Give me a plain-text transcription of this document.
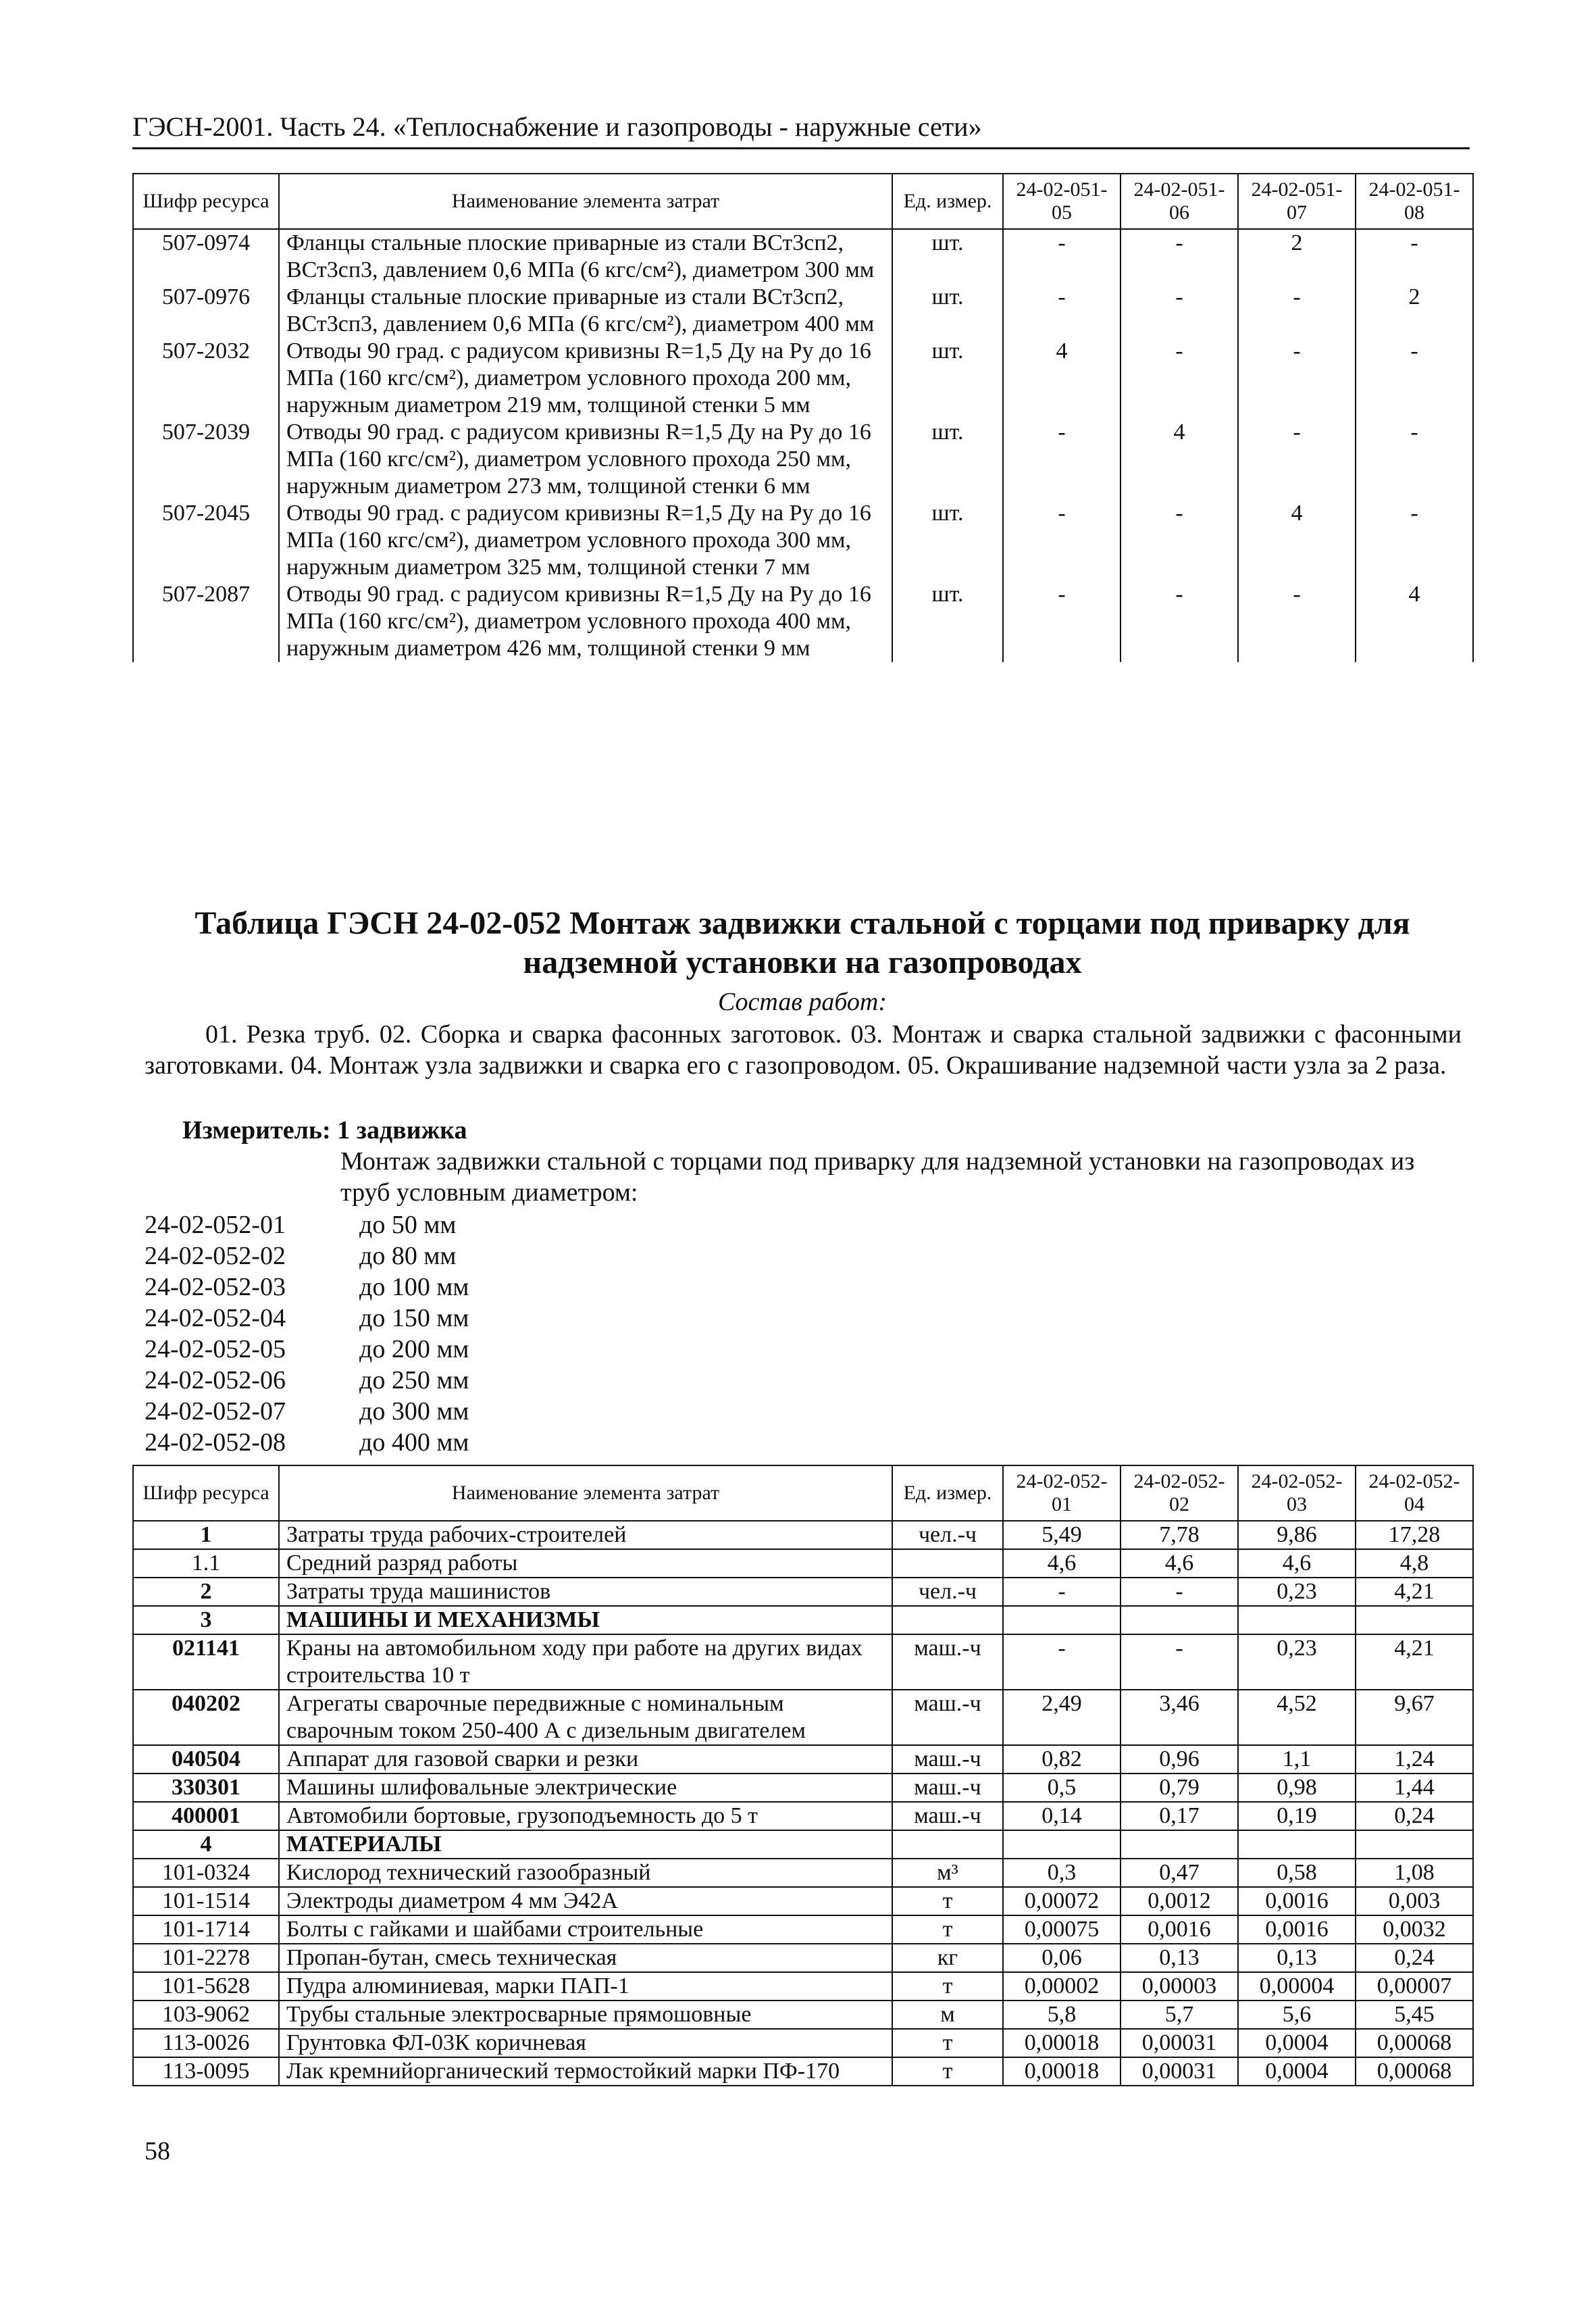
ГЭСН-2001. Часть 24. «Теплоснабжение и газопроводы - наружные сети»
Шифр ресурса	Наименование элемента затрат	Ед. измер.	24-02-051-05	24-02-051-06	24-02-051-07	24-02-051-08
507-0974	Фланцы стальные плоские приварные из стали ВСт3сп2, ВСт3сп3, давлением 0,6 МПа (6 кгс/см²), диаметром 300 мм	шт.	-	-	2	-
507-0976	Фланцы стальные плоские приварные из стали ВСт3сп2, ВСт3сп3, давлением 0,6 МПа (6 кгс/см²), диаметром 400 мм	шт.	-	-	-	2
507-2032	Отводы 90 град. с радиусом кривизны R=1,5 Ду на Ру до 16 МПа (160 кгс/см²), диаметром условного прохода 200 мм, наружным диаметром 219 мм, толщиной стенки 5 мм	шт.	4	-	-	-
507-2039	Отводы 90 град. с радиусом кривизны R=1,5 Ду на Ру до 16 МПа (160 кгс/см²), диаметром условного прохода 250 мм, наружным диаметром 273 мм, толщиной стенки 6 мм	шт.	-	4	-	-
507-2045	Отводы 90 град. с радиусом кривизны R=1,5 Ду на Ру до 16 МПа (160 кгс/см²), диаметром условного прохода 300 мм, наружным диаметром 325 мм, толщиной стенки 7 мм	шт.	-	-	4	-
507-2087	Отводы 90 град. с радиусом кривизны R=1,5 Ду на Ру до 16 МПа (160 кгс/см²), диаметром условного прохода 400 мм, наружным диаметром 426 мм, толщиной стенки 9 мм	шт.	-	-	-	4
Таблица ГЭСН 24-02-052 Монтаж задвижки стальной с торцами под приварку для надземной установки на газопроводах
Состав работ:
01. Резка труб. 02. Сборка и сварка фасонных заготовок. 03. Монтаж и сварка стальной задвижки с фасонными заготовками. 04. Монтаж узла задвижки и сварка его с газопроводом. 05. Окрашивание надземной части узла за 2 раза.
Измеритель: 1 задвижка
Монтаж задвижки стальной с торцами под приварку для надземной установки на газопроводах из труб условным диаметром:
24-02-052-01	до 50 мм
24-02-052-02	до 80 мм
24-02-052-03	до 100 мм
24-02-052-04	до 150 мм
24-02-052-05	до 200 мм
24-02-052-06	до 250 мм
24-02-052-07	до 300 мм
24-02-052-08	до 400 мм
Шифр ресурса	Наименование элемента затрат	Ед. измер.	24-02-052-01	24-02-052-02	24-02-052-03	24-02-052-04
1	Затраты труда рабочих-строителей	чел.-ч	5,49	7,78	9,86	17,28
1.1	Средний разряд работы		4,6	4,6	4,6	4,8
2	Затраты труда машинистов	чел.-ч	-	-	0,23	4,21
3	МАШИНЫ И МЕХАНИЗМЫ					
021141	Краны на автомобильном ходу при работе на других видах строительства 10 т	маш.-ч	-	-	0,23	4,21
040202	Агрегаты сварочные передвижные с номинальным сварочным током 250-400 А с дизельным двигателем	маш.-ч	2,49	3,46	4,52	9,67
040504	Аппарат для газовой сварки и резки	маш.-ч	0,82	0,96	1,1	1,24
330301	Машины шлифовальные электрические	маш.-ч	0,5	0,79	0,98	1,44
400001	Автомобили бортовые, грузоподъемность до 5 т	маш.-ч	0,14	0,17	0,19	0,24
4	МАТЕРИАЛЫ					
101-0324	Кислород технический газообразный	м³	0,3	0,47	0,58	1,08
101-1514	Электроды диаметром 4 мм Э42А	т	0,00072	0,0012	0,0016	0,003
101-1714	Болты с гайками и шайбами строительные	т	0,00075	0,0016	0,0016	0,0032
101-2278	Пропан-бутан, смесь техническая	кг	0,06	0,13	0,13	0,24
101-5628	Пудра алюминиевая, марки ПАП-1	т	0,00002	0,00003	0,00004	0,00007
103-9062	Трубы стальные электросварные прямошовные	м	5,8	5,7	5,6	5,45
113-0026	Грунтовка ФЛ-03К коричневая	т	0,00018	0,00031	0,0004	0,00068
113-0095	Лак кремнийорганический термостойкий марки ПФ-170	т	0,00018	0,00031	0,0004	0,00068
58
